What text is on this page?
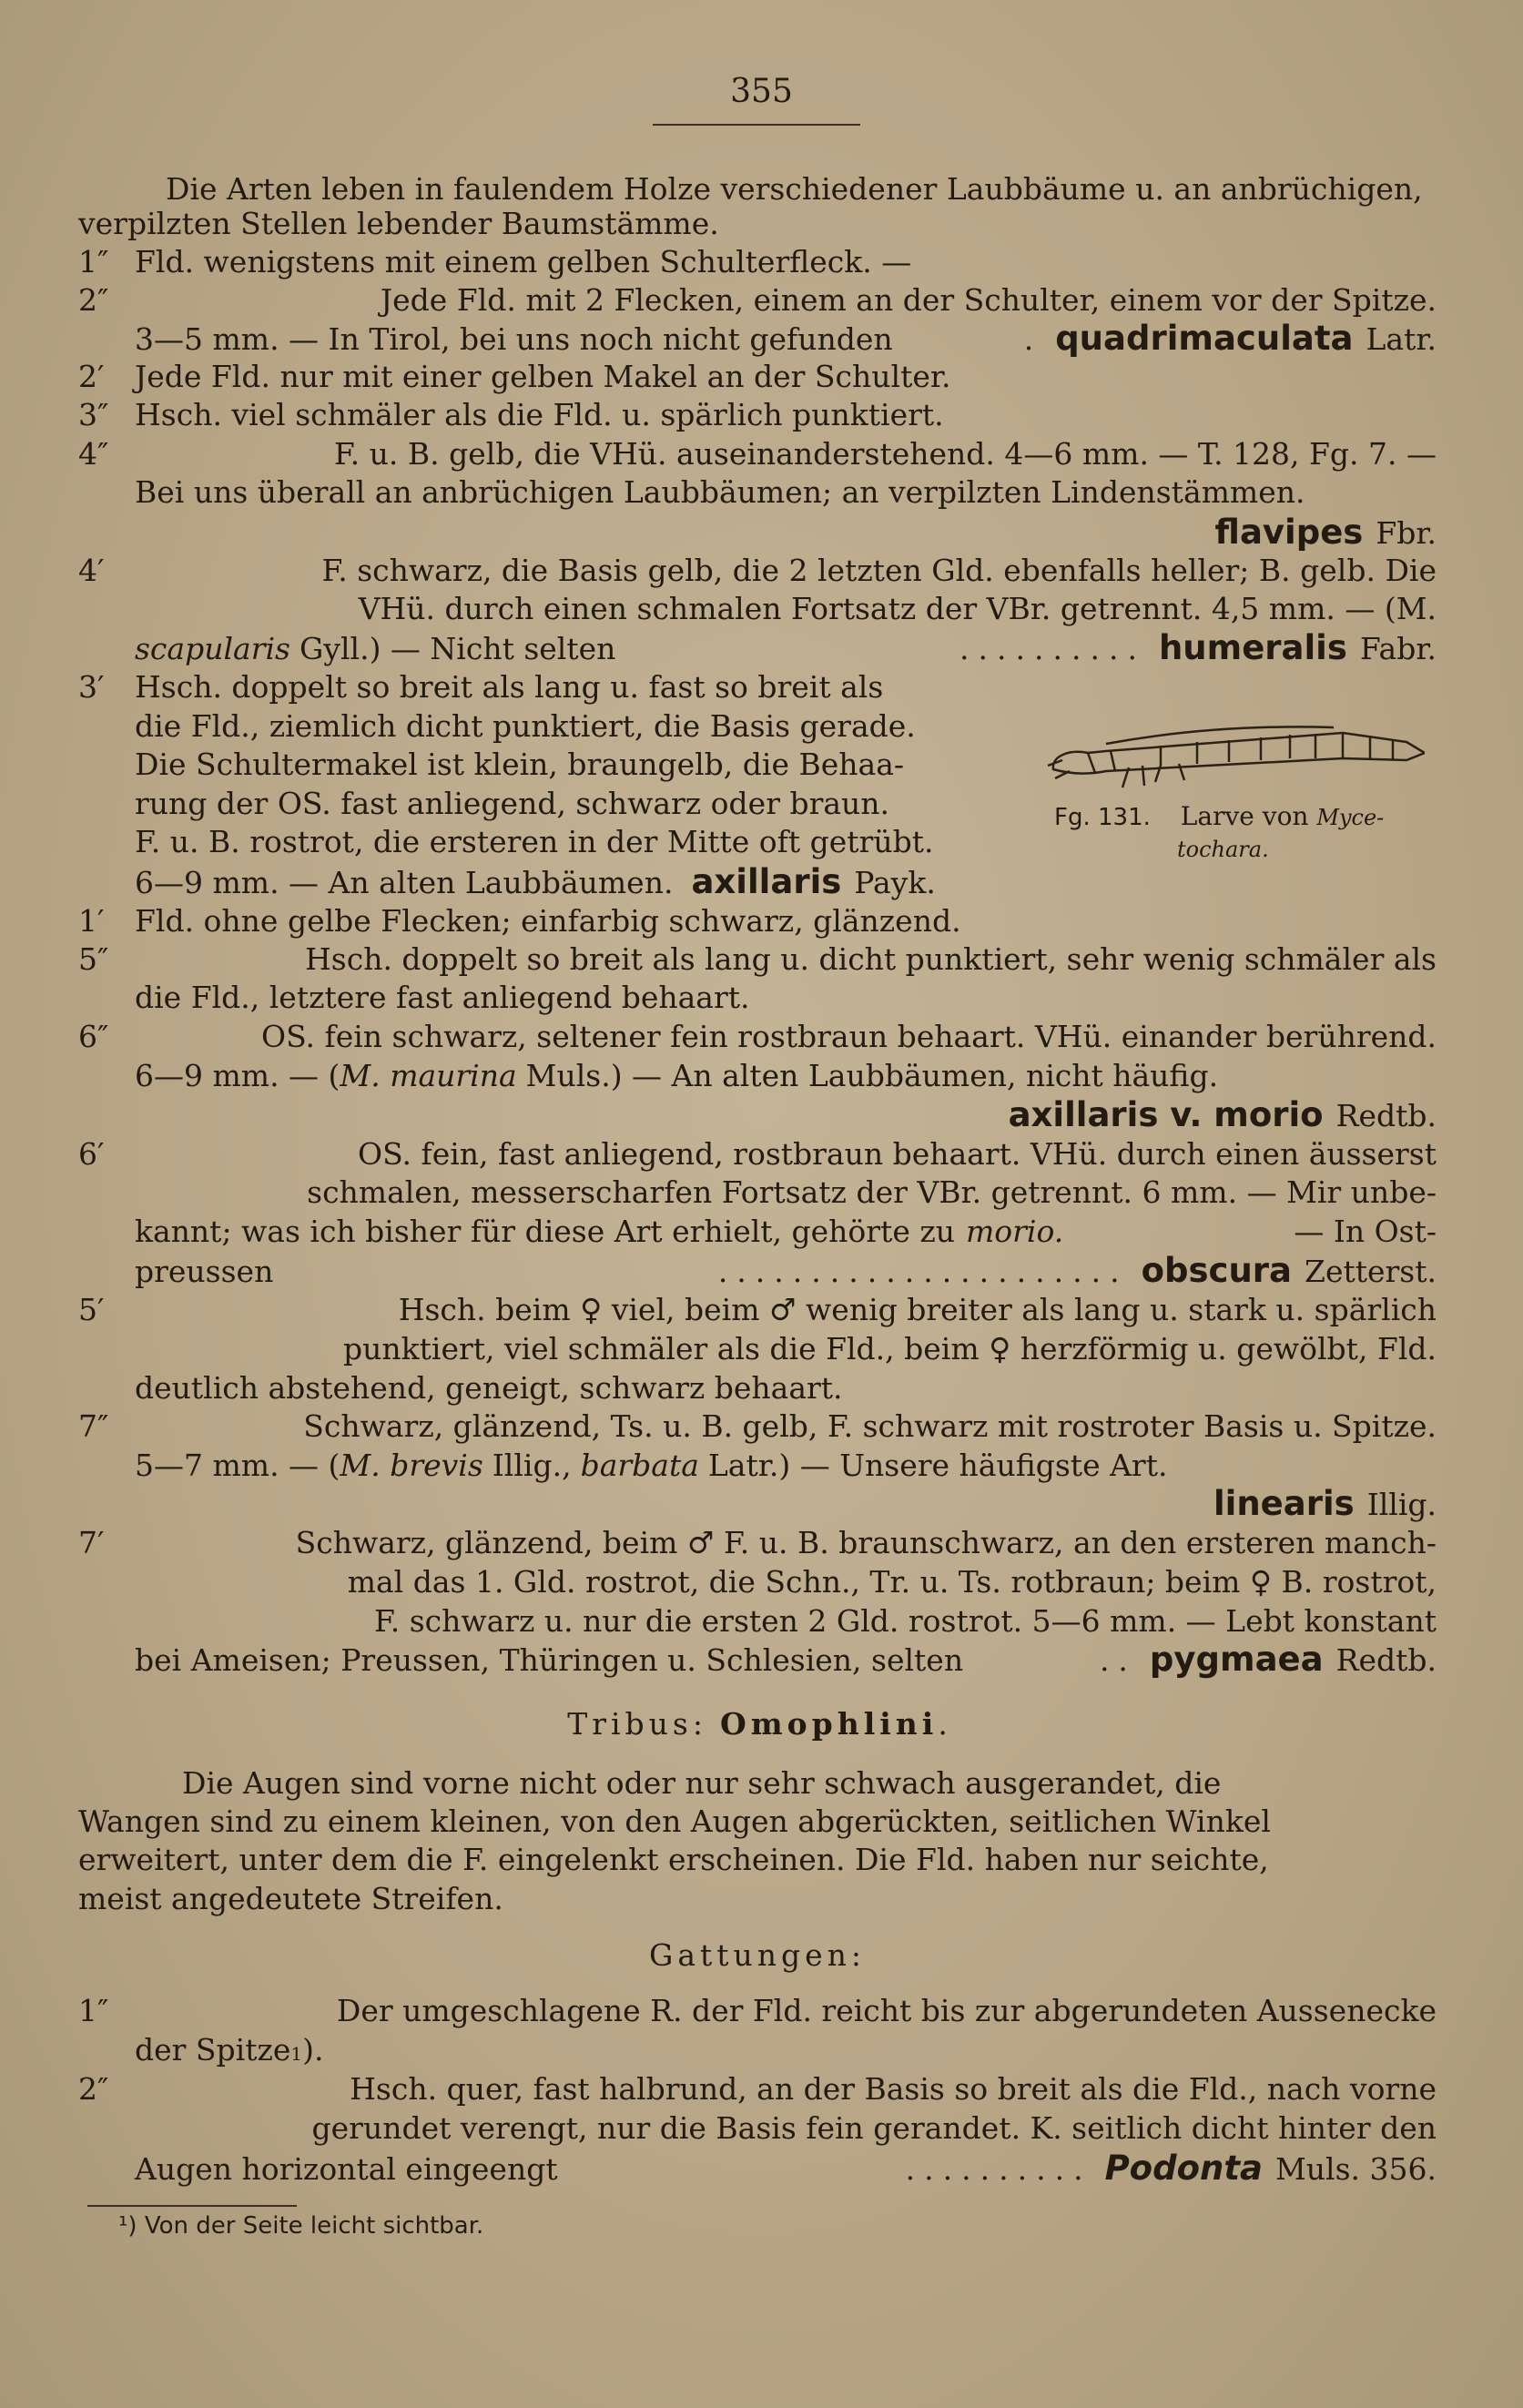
355
Die Arten leben in faulendem Holze verschiedener Laubbäume u. an anbrüchigen,
verpilzten Stellen lebender Baumstämme.
1″ Fld. wenigstens mit einem gelben Schulterfleck. —
2″	Jede Fld. mit 2 Flecken, einem an der Schulter, einem vor der Spitze.
3—5 mm. — In Tirol, bei uns noch nicht gefunden	. quadrimaculata Latr.
2′	Jede Fld. nur mit einer gelben Makel an der Schulter.
3″ Hsch. viel schmäler als die Fld. u. spärlich punktiert.
4″	F. u. B. gelb, die VHü. auseinanderstehend. 4—6 mm. — T. 128, Fg. 7. —
Bei uns überall an anbrüchigen Laubbäumen; an verpilzten Lindenstämmen.
flavipes Fbr.
4′	F. schwarz, die Basis gelb, die 2 letzten Gld. ebenfalls heller; B. gelb. Die
VHü. durch einen schmalen Fortsatz der VBr. getrennt. 4,5 mm. — (M.
scapularis Gyll.) — Nicht selten	.......... humeralis Fabr.
3′	Hsch. doppelt so breit als lang u. fast so breit als
die Fld., ziemlich dicht punktiert, die Basis gerade.
Die Schultermakel ist klein, braungelb, die Behaa-
rung der OS. fast anliegend, schwarz oder braun.
F. u. B. rostrot, die ersteren in der Mitte oft getrübt.
6—9 mm. — An alten Laubbäumen. axillaris Payk.
Fg. 131. Larve von Myce-
tochara.
1′	Fld. ohne gelbe Flecken; einfarbig schwarz, glänzend.
5″	Hsch. doppelt so breit als lang u. dicht punktiert, sehr wenig schmäler als
die Fld., letztere fast anliegend behaart.
6″	OS. fein schwarz, seltener fein rostbraun behaart. VHü. einander berührend.
6—9 mm. — ( M. maurina Muls.) — An alten Laubbäumen, nicht häufig.
axillaris v. morio Redtb.
6′	OS. fein, fast anliegend, rostbraun behaart. VHü. durch einen äusserst
schmalen, messerscharfen Fortsatz der VBr. getrennt. 6 mm. — Mir unbe-
kannt; was ich bisher für diese Art erhielt, gehörte zu morio.	— In Ost-
preussen	...................... obscura Zetterst.
5′	Hsch. beim ♀ viel, beim ♂ wenig breiter als lang u. stark u. spärlich
punktiert, viel schmäler als die Fld., beim ♀ herzförmig u. gewölbt, Fld.
deutlich abstehend, geneigt, schwarz behaart.
7″	Schwarz, glänzend, Ts. u. B. gelb, F. schwarz mit rostroter Basis u. Spitze.
5—7 mm. — ( M. brevis Illig., barbata Latr.) — Unsere häufigste Art.
linearis Illig.
7′	Schwarz, glänzend, beim ♂ F. u. B. braunschwarz, an den ersteren manch-
mal das 1. Gld. rostrot, die Schn., Tr. u. Ts. rotbraun; beim ♀ B. rostrot,
F. schwarz u. nur die ersten 2 Gld. rostrot. 5—6 mm. — Lebt konstant
bei Ameisen; Preussen, Thüringen u. Schlesien, selten	.. pygmaea Redtb.
Tribus: Omophlini .
Die Augen sind vorne nicht oder nur sehr schwach ausgerandet, die
Wangen sind zu einem kleinen, von den Augen abgerückten, seitlichen Winkel
erweitert, unter dem die F. eingelenkt erscheinen. Die Fld. haben nur seichte,
meist angedeutete Streifen.
Gattungen:
1″	Der umgeschlagene R. der Fld. reicht bis zur abgerundeten Aussenecke
der Spitze 1 ).
2″	Hsch. quer, fast halbrund, an der Basis so breit als die Fld., nach vorne
gerundet verengt, nur die Basis fein gerandet. K. seitlich dicht hinter den
Augen horizontal eingeengt	.......... Podonta Muls. 356.
¹) Von der Seite leicht sichtbar.
